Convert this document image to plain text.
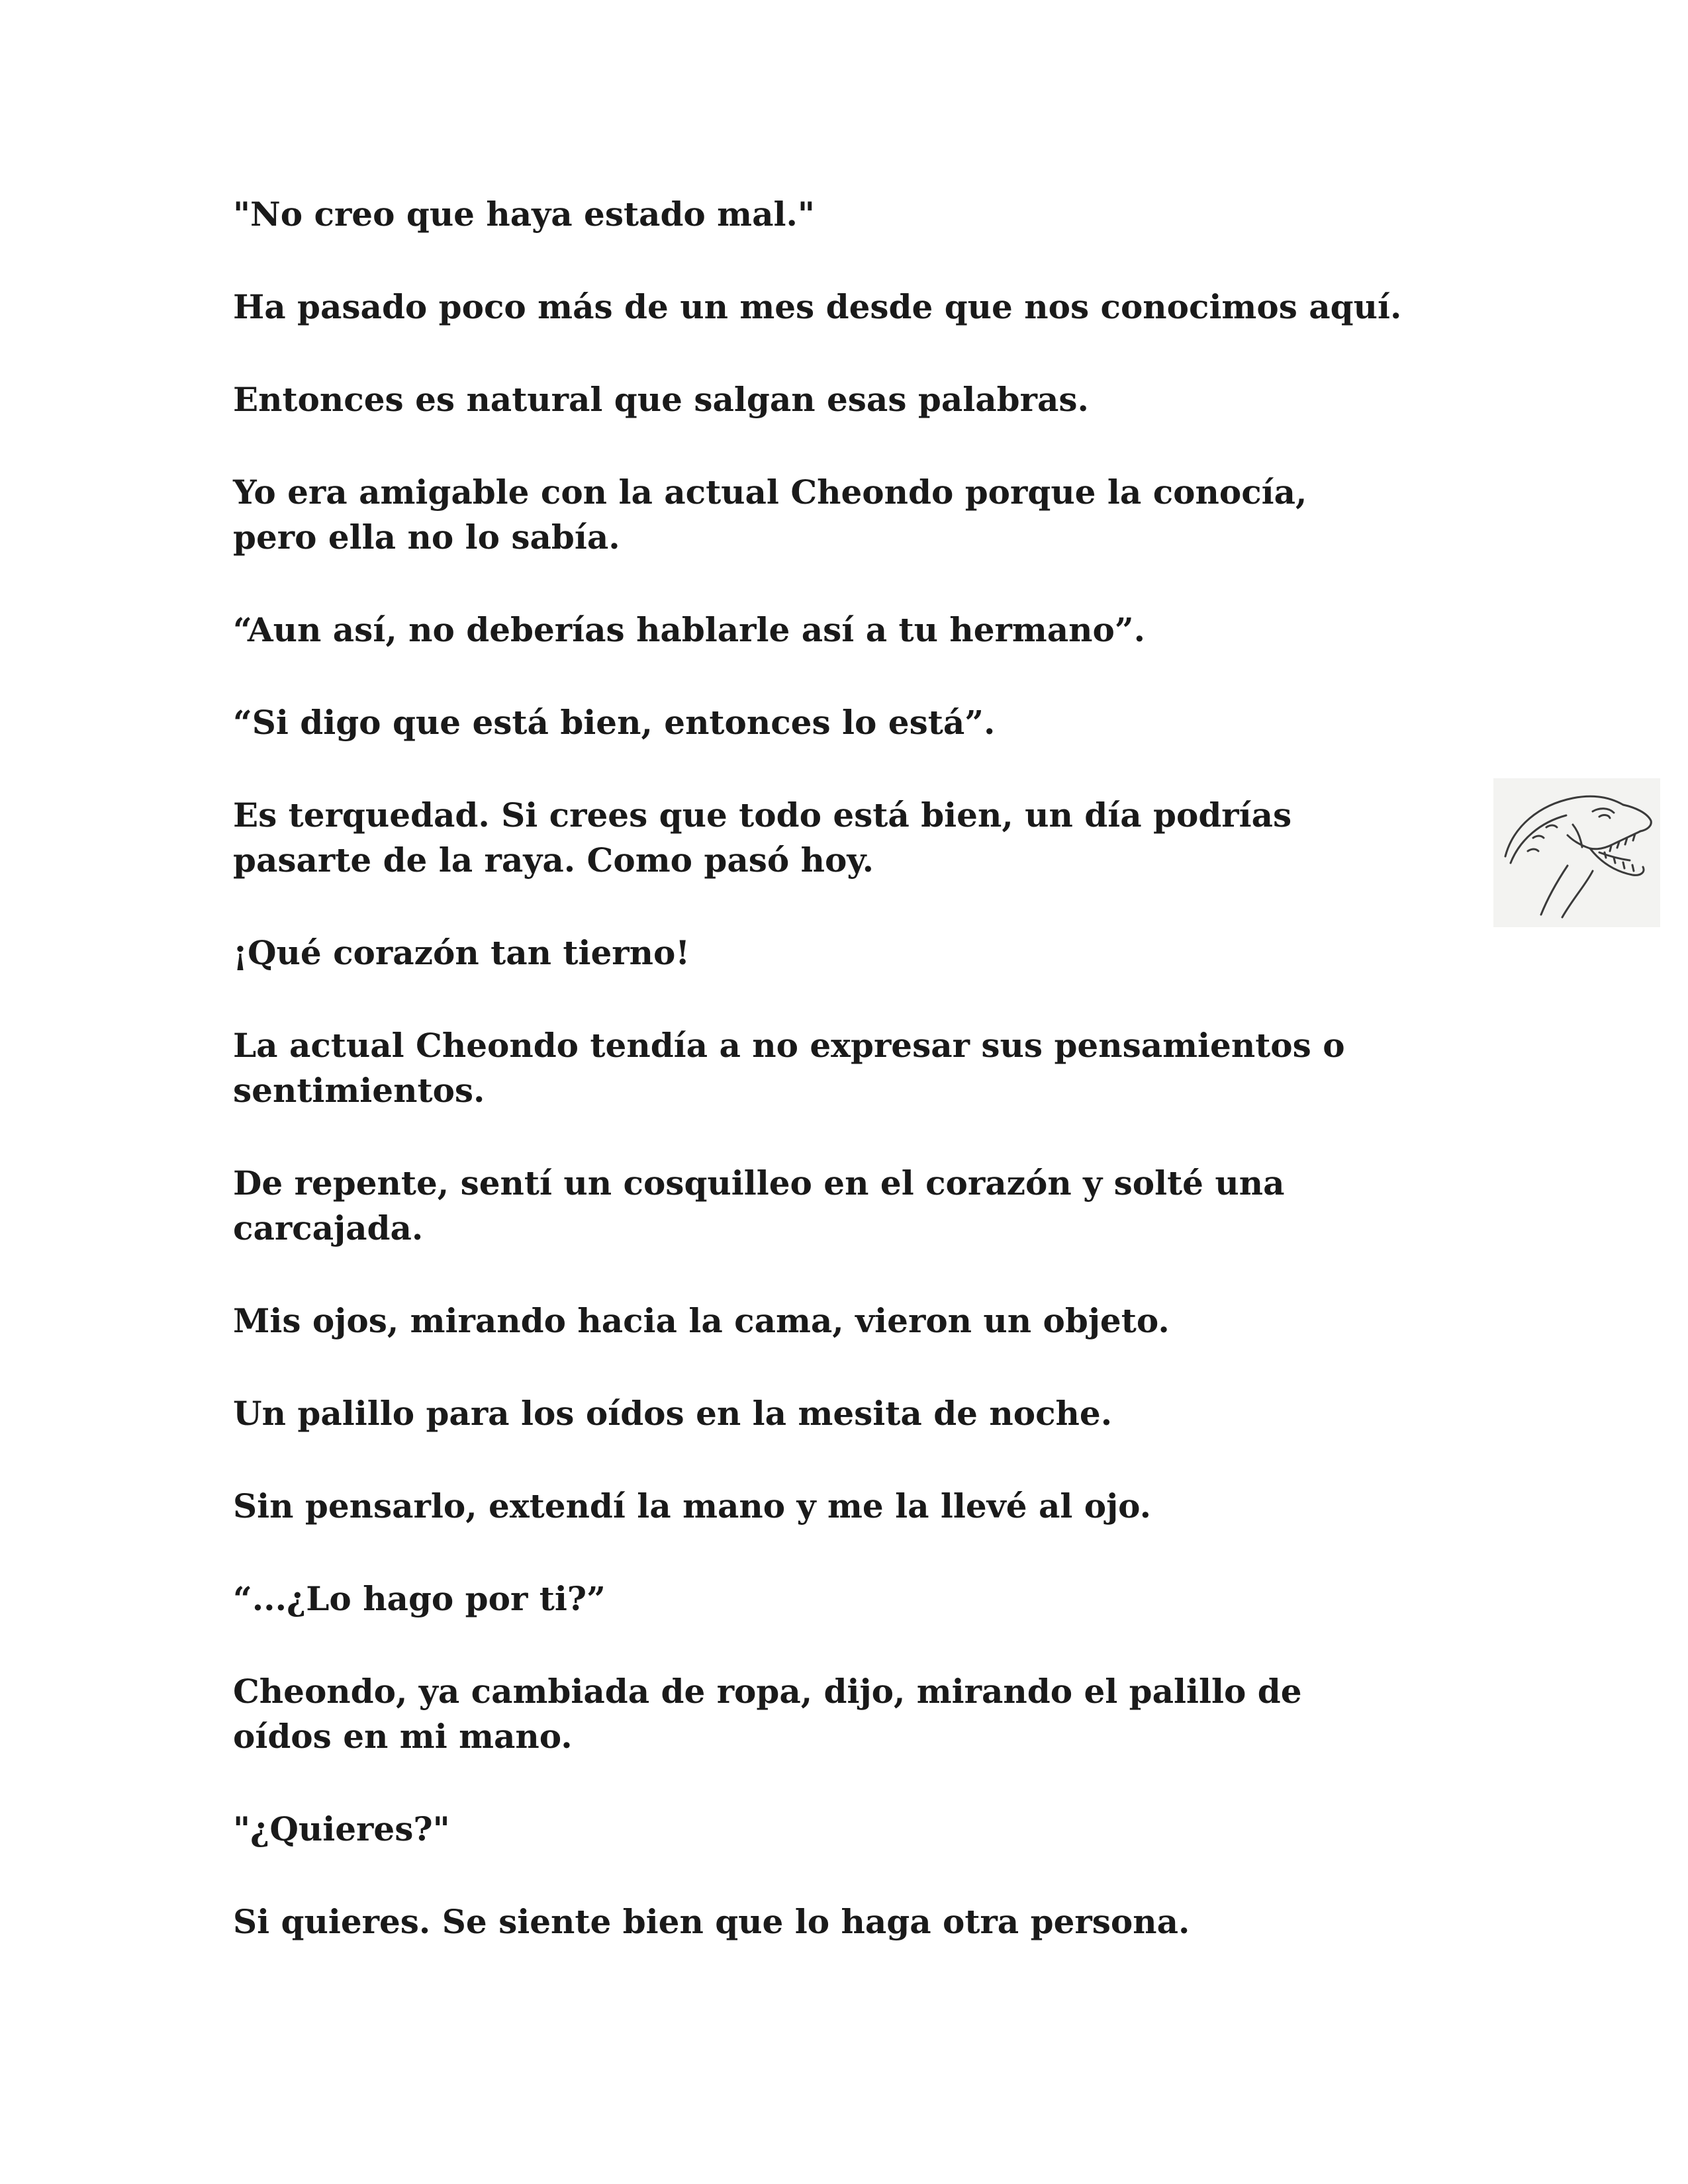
"No creo que haya estado mal."

Ha pasado poco más de un mes desde que nos conocimos aquí.

Entonces es natural que salgan esas palabras.

Yo era amigable con la actual Cheondo porque la conocía,
pero ella no lo sabía.

“Aun así, no deberías hablarle así a tu hermano”.

“Si digo que está bien, entonces lo está”.

Es terquedad. Si crees que todo está bien, un día podrías
pasarte de la raya. Como pasó hoy.

¡Qué corazón tan tierno!

La actual Cheondo tendía a no expresar sus pensamientos o
sentimientos.

De repente, sentí un cosquilleo en el corazón y solté una
carcajada.

Mis ojos, mirando hacia la cama, vieron un objeto.

Un palillo para los oídos en la mesita de noche.

Sin pensarlo, extendí la mano y me la llevé al ojo.

“...¿Lo hago por ti?”

Cheondo, ya cambiada de ropa, dijo, mirando el palillo de
oídos en mi mano.

"¿Quieres?"

Si quieres. Se siente bien que lo haga otra persona.
